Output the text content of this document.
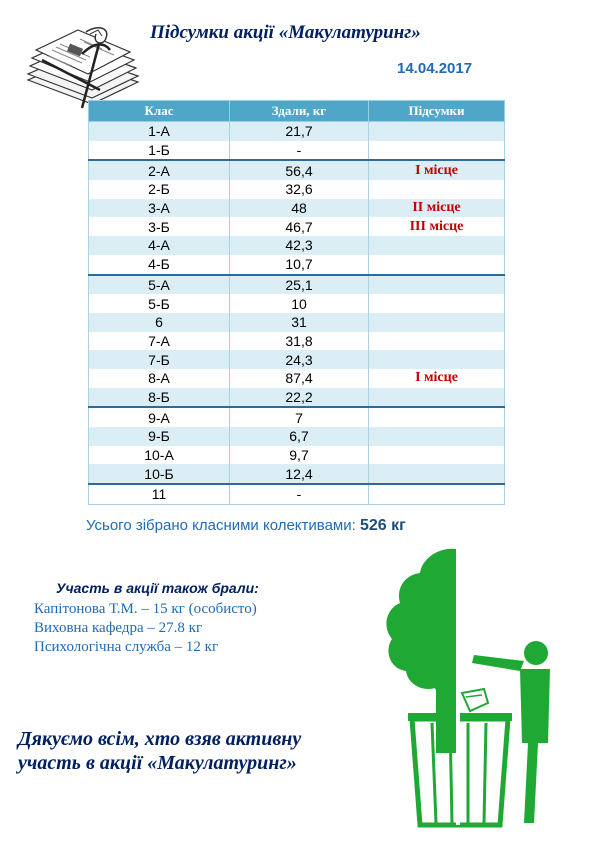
Підсумки акції «Макулатуринг»
14.04.2017
Клас	Здали, кг	Підсумки
1-А	21,7	
1-Б	-	
2-А	56,4	І місце
2-Б	32,6	
3-А	48	ІІ місце
3-Б	46,7	ІІІ місце
4-А	42,3	
4-Б	10,7	
5-А	25,1	
5-Б	10	
6	31	
7-А	31,8	
7-Б	24,3	
8-А	87,4	І місце
8-Б	22,2	
9-А	7	
9-Б	6,7	
10-А	9,7	
10-Б	12,4	
11	-	
Усього зібрано класними колективами: 526 кг
Участь в акції також брали:
Капітонова Т.М. – 15 кг (особисто)
Виховна кафедра – 27.8 кг
Психологічна служба – 12 кг
Дякуємо всім, хто взяв активну
участь в акції «Макулатуринг»
